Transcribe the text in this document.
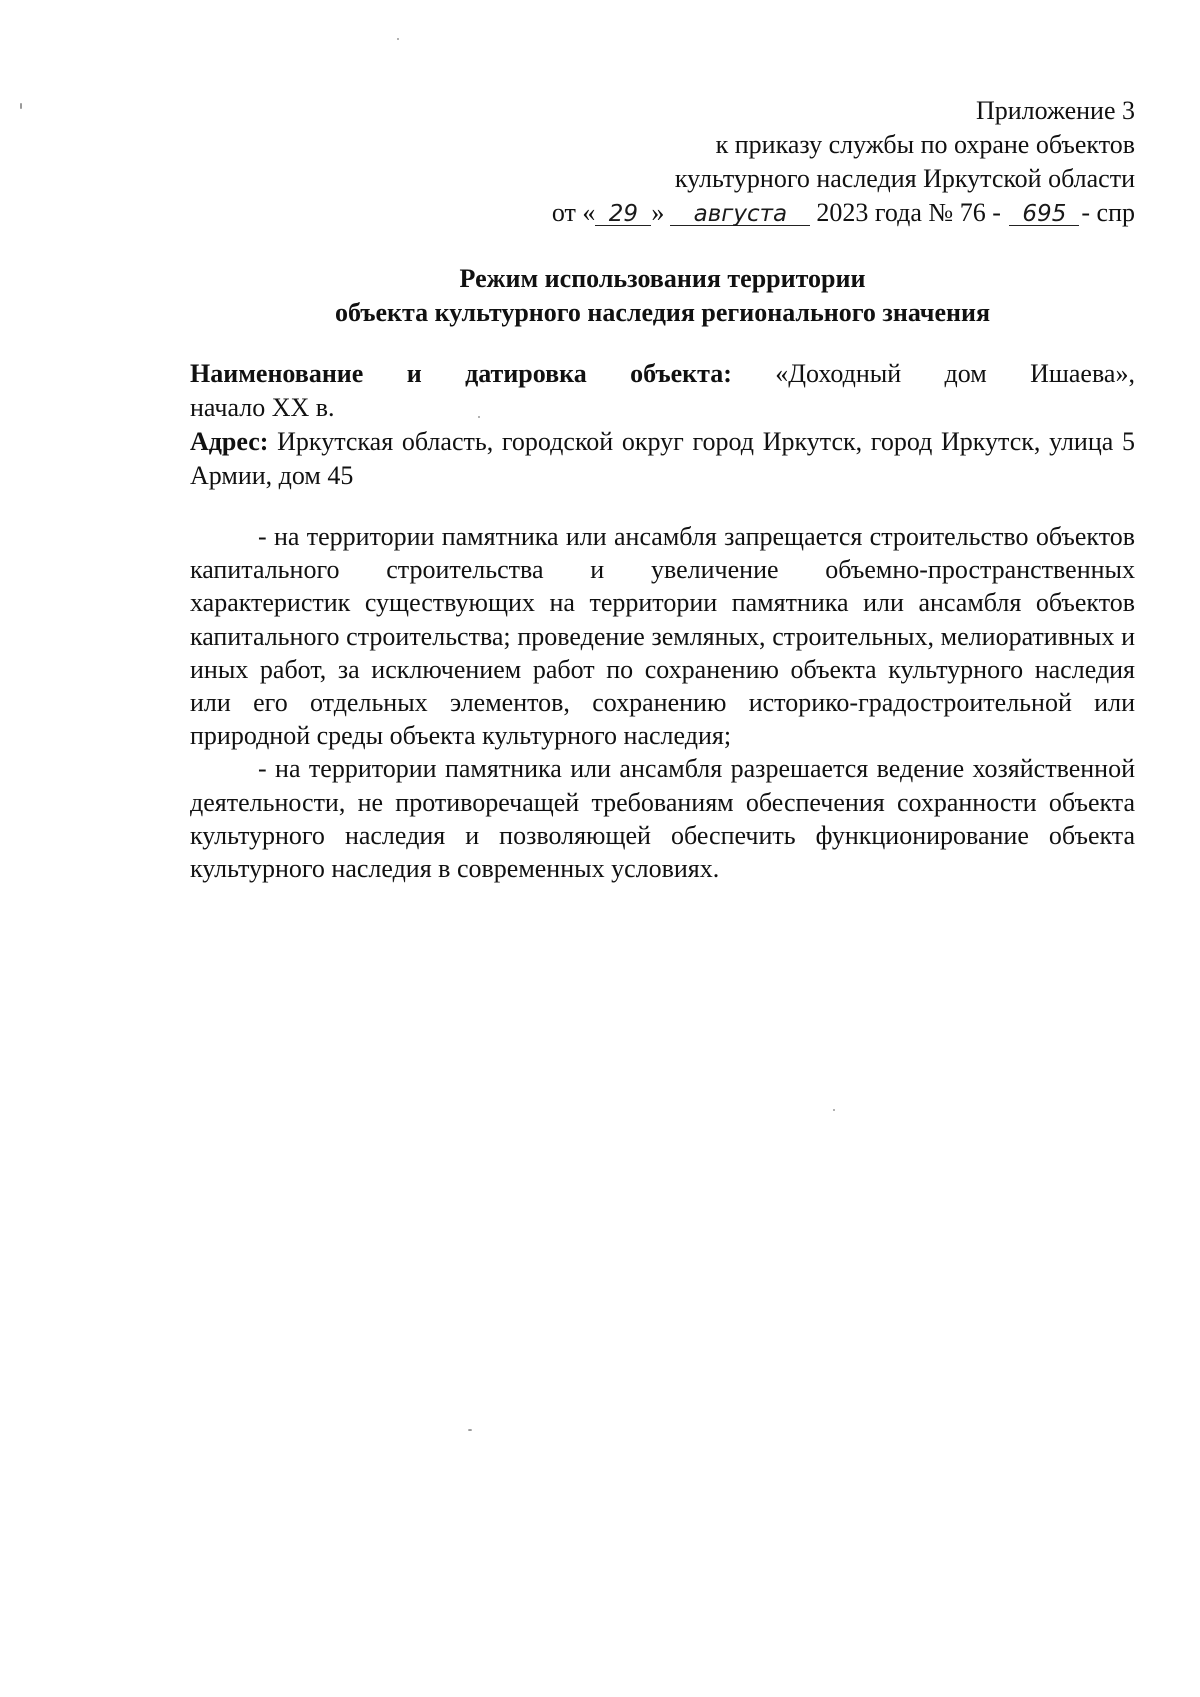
Приложение 3
к приказу службы по охране объектов
культурного наследия Иркутской области
от « 29 » августа 2023 года № 76 - 695 - спр
Режим использования территории
объекта культурного наследия регионального значения
Наименование и датировка объекта: «Доходный дом Ишаева»,

начало XX в.

Адрес: Иркутская область, городской округ город Иркутск, город Иркутск, улица 5 Армии, дом 45

- на территории памятника или ансамбля запрещается строительство объектов капитального строительства и увеличение объемно-пространственных характеристик существующих на территории памятника или ансамбля объектов капитального строительства; проведение земляных, строительных, мелиоративных и иных работ, за исключением работ по сохранению объекта культурного наследия или его отдельных элементов, сохранению историко-градостроительной или природной среды объекта культурного наследия;

- на территории памятника или ансамбля разрешается ведение хозяйственной деятельности, не противоречащей требованиям обеспечения сохранности объекта культурного наследия и позволяющей обеспечить функционирование объекта культурного наследия в современных условиях.
